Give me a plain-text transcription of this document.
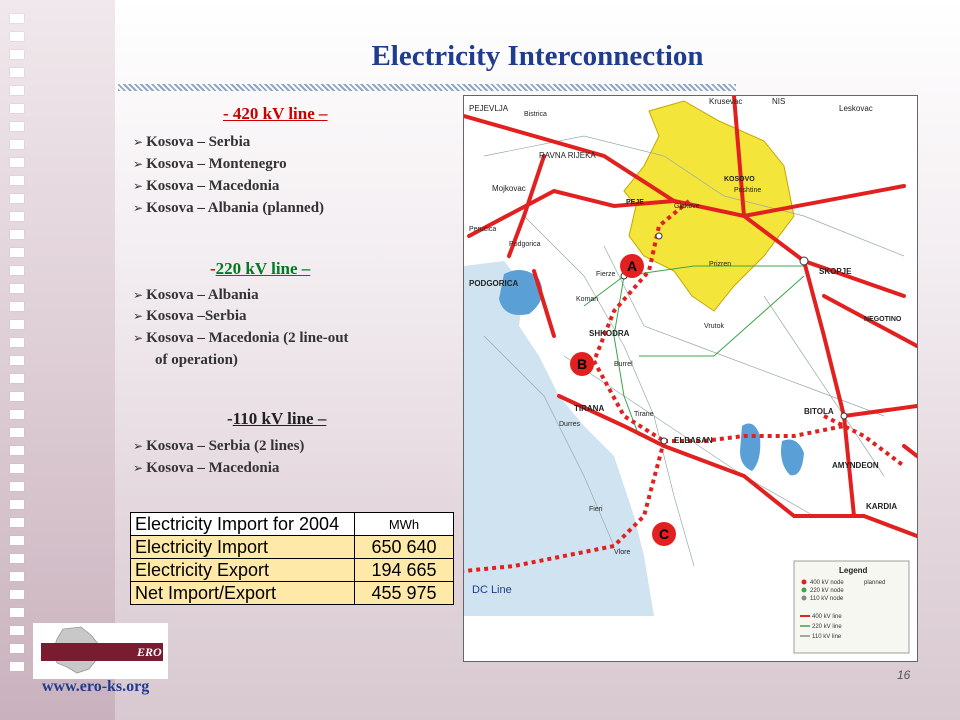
Electricity Interconnection
- 420 kV line –
➢ Kosova – Serbia
➢ Kosova – Montenegro
➢ Kosova – Macedonia
➢ Kosova – Albania (planned)
-220 kV line –
➢ Kosova – Albania
➢ Kosova –Serbia
➢ Kosova – Macedonia (2 line-out
of operation)
-110 kV line –
➢ Kosova – Serbia (2 lines)
➢ Kosova – Macedonia
Electricity Import for 2004	MWh
Electricity Import	650 640
Electricity Export	194 665
Net Import/Export	455 975
PEJEVLJA
Bistrica
Krusevac	NIS
Leskovac
RAVNA RIJEKA
KOSOVO
Prishtine
Mojkovac
PEJE
Gjakove
Prizren
Perućica
Podgorica
PODGORICA
Fierze
Koman
SKOPJE
Vrutok
SHKODRA
Burrel
Tirane
TIRANA
Durres
ELBASAN
BITOLA
AMYNDEON
KARDIA
Fieri
Vlore
NEGOTINO
A
B
C
DC Line
Legend
400 kV node	planned
220 kV node
110 kV node
400 kV line
220 kV line
110 kV line
16
ERO
www.ero-ks.org
